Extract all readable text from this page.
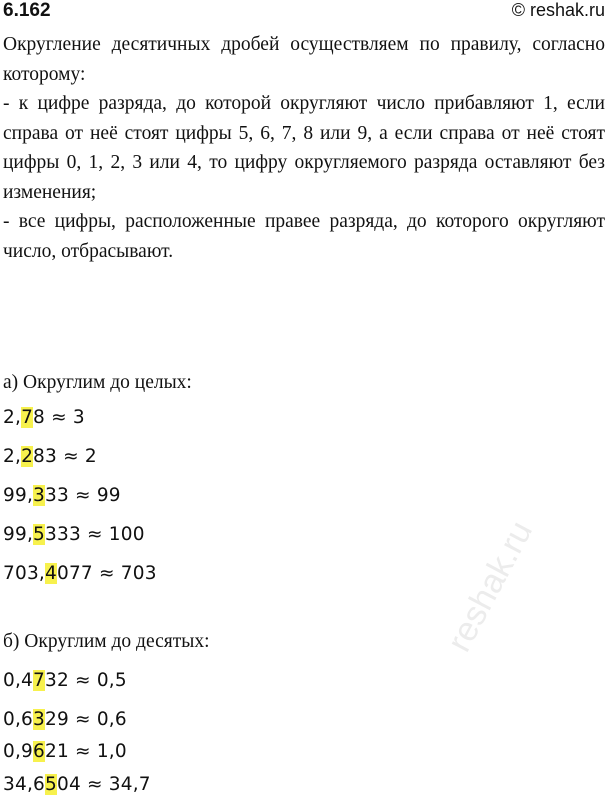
6.162	© reshak.ru

Округление десятичных дробей осуществляем по правилу, согласно которому:

- к цифре разряда, до которой округляют число прибавляют 1, если справа от неё стоят цифры 5, 6, 7, 8 или 9, а если справа от неё стоят цифры 0, 1, 2, 3 или 4, то цифру округляемого разряда оставляют без изменения;

- все цифры, расположенные правее разряда, до которого округляют число, отбрасывают.

а) Округлим до целых:
2,78 ≈ 3
2,283 ≈ 2
99,333 ≈ 99
99,5333 ≈ 100
703,4077 ≈ 703
б) Округлим до десятых:
0,4732 ≈ 0,5
0,6329 ≈ 0,6
0,9621 ≈ 1,0
34,6504 ≈ 34,7
reshak.ru
